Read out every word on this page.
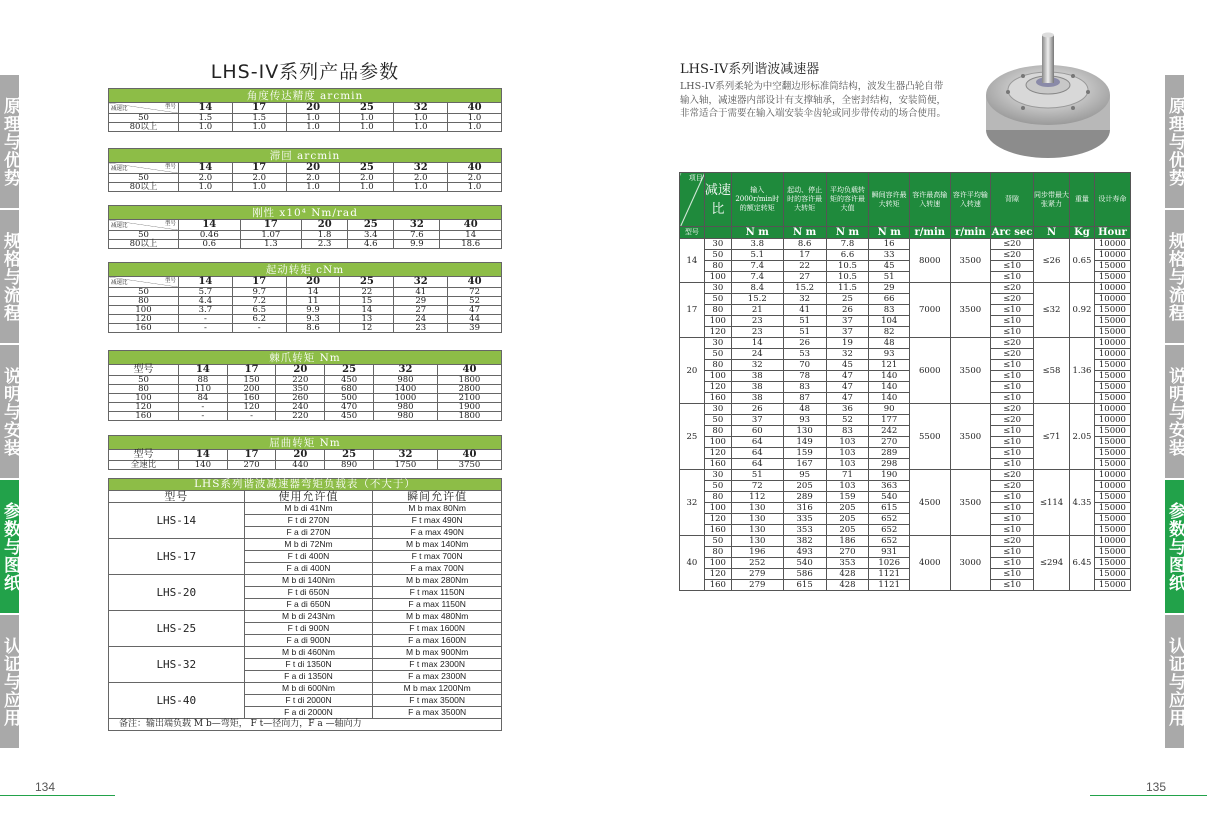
原理与优势
规格与流程
说明与安装
参数与图纸
认证与应用
原理与优势
规格与流程
说明与安装
参数与图纸
认证与应用
LHS-IV系列产品参数
角度传达精度 arcmin						

型号
减速比	14	17	20	25	32	40
50	1.5	1.5	1.0	1.0	1.0	1.0
80以上	1.0	1.0	1.0	1.0	1.0	1.0
滞回 arcmin						

型号
减速比	14	17	20	25	32	40
50	2.0	2.0	2.0	2.0	2.0	2.0
80以上	1.0	1.0	1.0	1.0	1.0	1.0
刚性 x10⁴ Nm/rad						

型号
减速比	14	17	20	25	32	40
50	0.46	1.07	1.8	3.4	7.6	14
80以上	0.6	1.3	2.3	4.6	9.9	18.6
起动转矩 cNm						

型号
减速比	14	17	20	25	32	40
50	5.7	9.7	14	22	41	72
80	4.4	7.2	11	15	29	52
100	3.7	6.5	9.9	14	27	47
120	-	6.2	9.3	13	24	44
160	-	-	8.6	12	23	39
棘爪转矩 Nm						
型号	14	17	20	25	32	40
50	88	150	220	450	980	1800
80	110	200	350	680	1400	2800
100	84	160	260	500	1000	2100
120	-	120	240	470	980	1900
160	-	-	220	450	980	1800
屈曲转矩 Nm						
型号	14	17	20	25	32	40
全速比	140	270	440	890	1750	3750
LHS系列谐波减速器弯矩负载表（不大于）		
型号	使用允许值	瞬间允许值
LHS-14	M b di 41Nm	M b max 80Nm
	F t di 270N	F t max 490N
	F a di 270N	F a max 490N
LHS-17	M b di 72Nm	M b max 140Nm
	F t di 400N	F t max 700N
	F a di 400N	F a max 700N
LHS-20	M b di 140Nm	M b max 280Nm
	F t di 650N	F t max 1150N
	F a di 650N	F a max 1150N
LHS-25	M b di 243Nm	M b max 480Nm
	F t di 900N	F t max 1600N
	F a di 900N	F a max 1600N
LHS-32	M b di 460Nm	M b max 900Nm
	F t di 1350N	F t max 2300N
	F a di 1350N	F a max 2300N
LHS-40	M b di 600Nm	M b max 1200Nm
	F t di 2000N	F t max 3500N
	F a di 2000N	F a max 3500N
备注：输出端负载 M b—弯矩， F t—径向力，F a —轴向力		
LHS-IV系列谐波减速器
LHS-IV系列柔轮为中空翻边形标准筒结构，波发生器凸轮自带输入轴，减速器内部设计有支撑轴承，全密封结构，安装简便，非常适合于需要在输入端安装伞齿轮或同步带传动的场合使用。
项目	减速比	输入2000r/min时的额定转矩	起动、停止时的容许最大转矩	平均负载转矩的容许最大值	瞬间容许最大转矩	容许最高输入转速	容许平均输入转速	背隙	同步带最大张紧力	重量	设计寿命
型号		N m	N m	N m	N m	r/min	r/min	Arc sec	N	Kg	Hour
14	30	3.8	8.6	7.8	16	8000	3500	≤20	≤26	0.65	10000
	50	5.1	17	6.6	33			≤20			10000
	80	7.4	22	10.5	45			≤10			15000
	100	7.4	27	10.5	51			≤10			15000
17	30	8.4	15.2	11.5	29	7000	3500	≤20	≤32	0.92	10000
	50	15.2	32	25	66			≤20			10000
	80	21	41	26	83			≤10			15000
	100	23	51	37	104			≤10			15000
	120	23	51	37	82			≤10			15000
20	30	14	26	19	48	6000	3500	≤20	≤58	1.36	10000
	50	24	53	32	93			≤20			10000
	80	32	70	45	121			≤10			15000
	100	38	78	47	140			≤10			15000
	120	38	83	47	140			≤10			15000
	160	38	87	47	140			≤10			15000
25	30	26	48	36	90	5500	3500	≤20	≤71	2.05	10000
	50	37	93	52	177			≤20			10000
	80	60	130	83	242			≤10			15000
	100	64	149	103	270			≤10			15000
	120	64	159	103	289			≤10			15000
	160	64	167	103	298			≤10			15000
32	30	51	95	71	190	4500	3500	≤20	≤114	4.35	10000
	50	72	205	103	363			≤20			10000
	80	112	289	159	540			≤10			15000
	100	130	316	205	615			≤10			15000
	120	130	335	205	652			≤10			15000
	160	130	353	205	652			≤10			15000
40	50	130	382	186	652	4000	3000	≤20	≤294	6.45	10000
	80	196	493	270	931			≤10			15000
	100	252	540	353	1026			≤10			15000
	120	279	586	428	1121			≤10			15000
	160	279	615	428	1121			≤10			15000
134	135
